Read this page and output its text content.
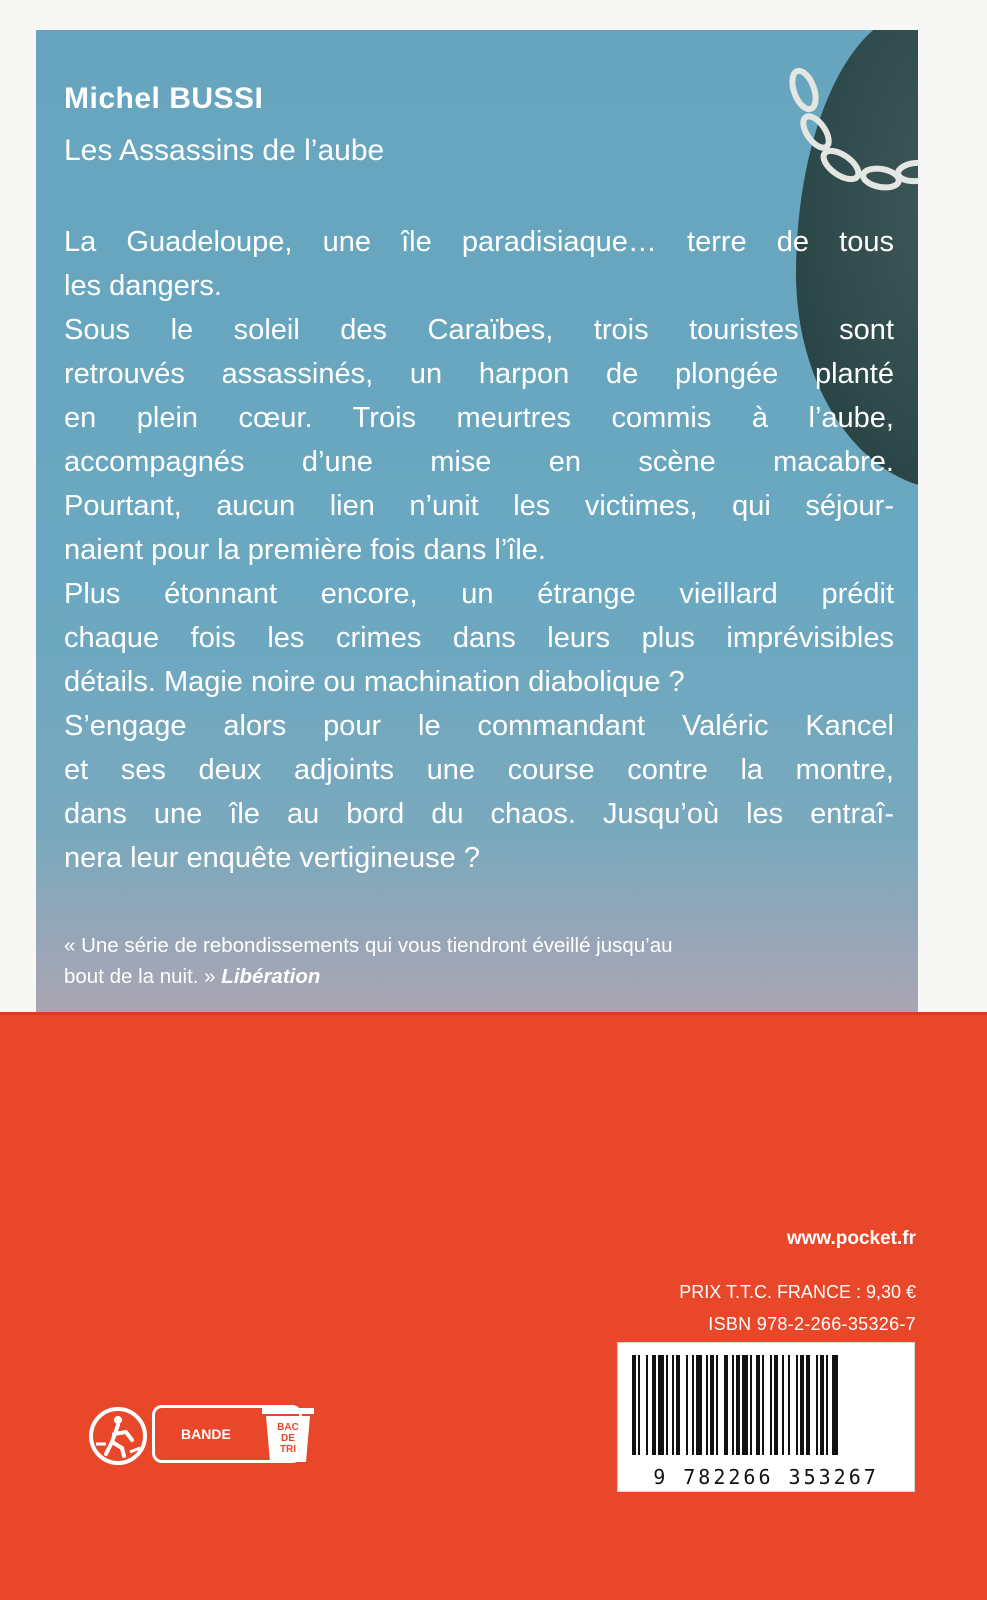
Michel BUSSI

Les Assassins de l’aube

La Guadeloupe, une île paradisiaque… terre de tous

les dangers.

Sous le soleil des Caraïbes, trois touristes sont

retrouvés assassinés, un harpon de plongée planté

en plein cœur. Trois meurtres commis à l’aube,

accompagnés d’une mise en scène macabre.

Pourtant, aucun lien n’unit les victimes, qui séjour-

naient pour la première fois dans l’île.

Plus étonnant encore, un étrange vieillard prédit

chaque fois les crimes dans leurs plus imprévisibles

détails. Magie noire ou machination diabolique ?

S’engage alors pour le commandant Valéric Kancel

et ses deux adjoints une course contre la montre,

dans une île au bord du chaos. Jusqu’où les entraî-

nera leur enquête vertigineuse ?

« Une série de rebondissements qui vous tiendront éveillé jusqu’au

bout de la nuit. » Libération

www.pocket.fr

PRIX T.T.C. FRANCE : 9,30 €

ISBN 978-2-266-35326-7

9 782266 353267

BANDE	BAC
DE
TRI
